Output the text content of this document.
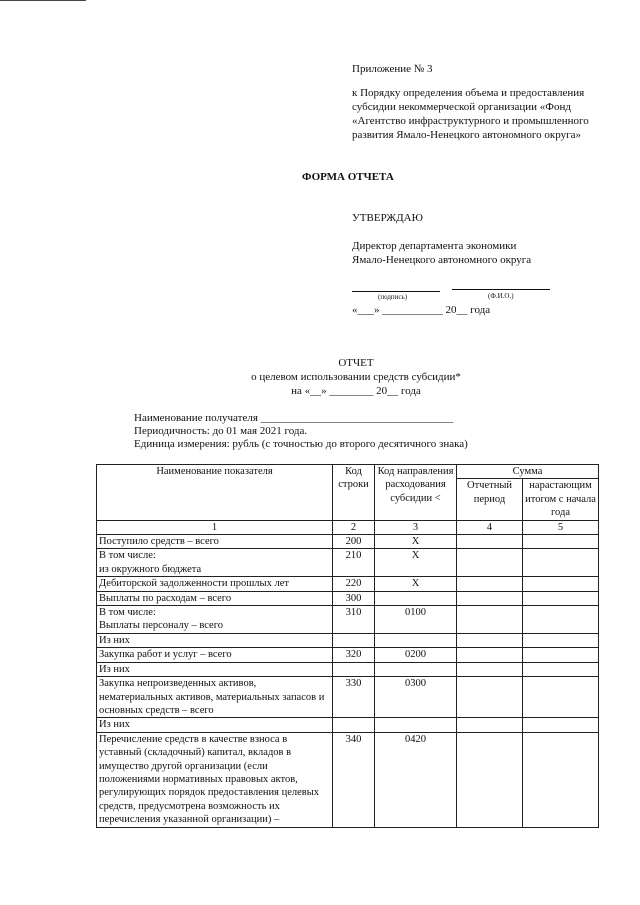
Приложение № 3
к Порядку определения объема и предоставления
субсидии некоммерческой организации «Фонд
«Агентство инфраструктурного и промышленного
развития Ямало-Ненецкого автономного округа»
ФОРМА ОТЧЕТА
УТВЕРЖДАЮ
Директор департамента экономики
Ямало-Ненецкого автономного округа
(подпись)	(Ф.И.О.)
«___» ___________ 20__ года
ОТЧЕТ
о целевом использовании средств субсидии*
на «__» ________ 20__ года
Наименование получателя ___________________________________
Периодичность: до 01 мая 2021 года.
Единица измерения: рубль (с точностью до второго десятичного знака)
Наименование показателя	Код строки	Код направления расходования субсидии <	Сумма	
			Отчетный период	нарастающим итогом с начала года
1	2	3	4	5
Поступило средств – всего	200	X		
В том числе:
из окружного бюджета	210	X		
Дебиторской задолженности прошлых лет	220	X		
Выплаты по расходам – всего	300			
В том числе:
Выплаты персоналу – всего	310	0100		
Из них				
Закупка работ и услуг – всего	320	0200		
Из них				
Закупка непроизведенных активов, нематериальных активов, материальных запасов и основных средств – всего	330	0300		
Из них				
Перечисление средств в качестве взноса в уставный (складочный) капитал, вкладов в имущество другой организации (если положениями нормативных правовых актов, регулирующих порядок предоставления целевых средств, предусмотрена возможность их перечисления указанной организации) –	340	0420		
